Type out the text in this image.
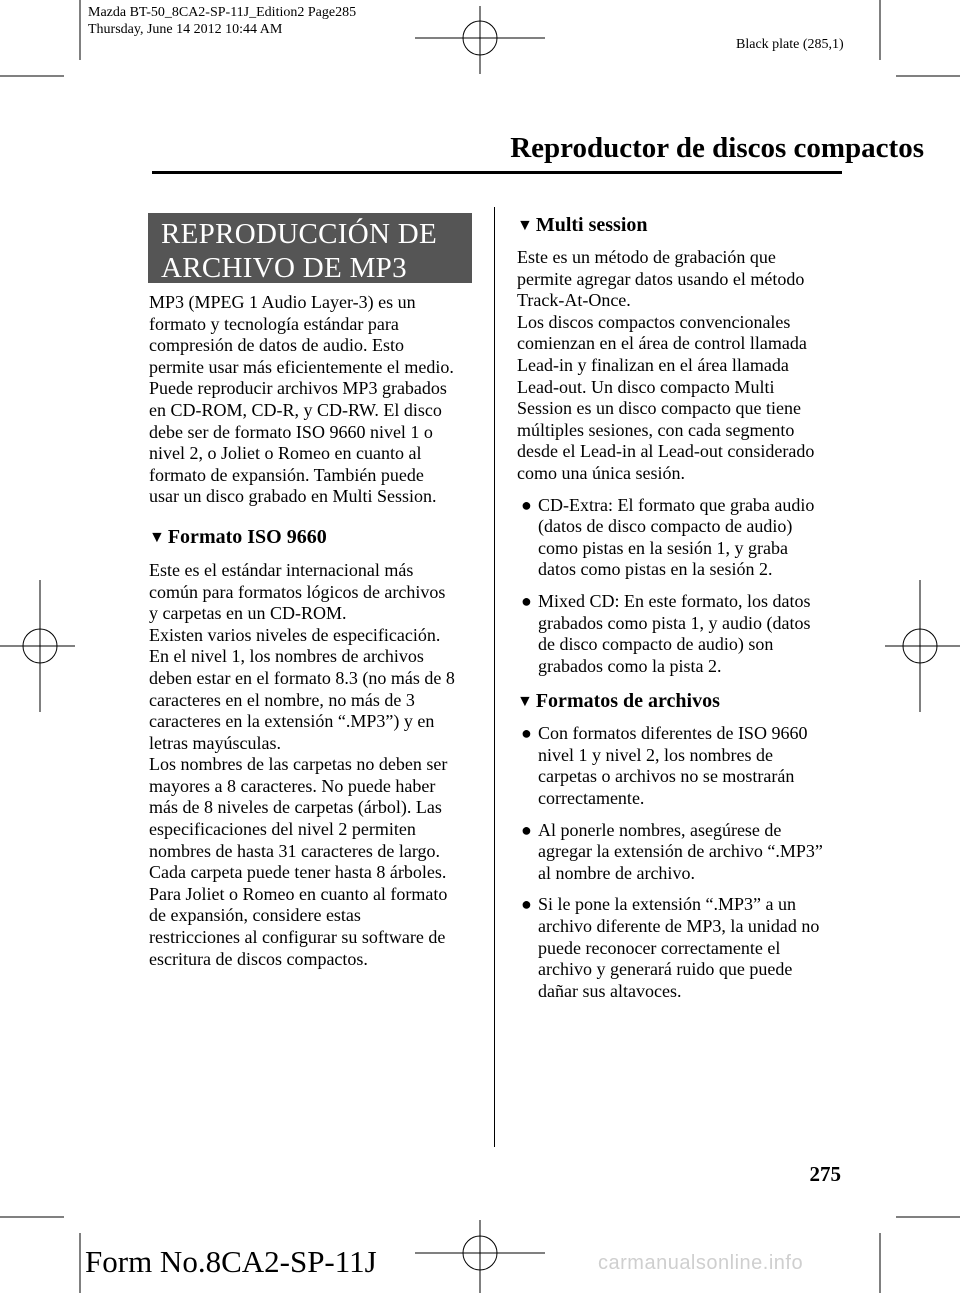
Mazda BT-50_8CA2-SP-11J_Edition2 Page285
Thursday, June 14 2012 10:44 AM
Black plate (285,1)
Reproductor de discos compactos
REPRODUCCIÓN DE
ARCHIVO DE MP3

MP3 (MPEG 1 Audio Layer-3) es un
formato y tecnología estándar para
compresión de datos de audio. Esto
permite usar más eficientemente el medio.
Puede reproducir archivos MP3 grabados
en CD-ROM, CD-R, y CD-RW. El disco
debe ser de formato ISO 9660 nivel 1 o
nivel 2, o Joliet o Romeo en cuanto al
formato de expansión. También puede
usar un disco grabado en Multi Session.

▼ Formato ISO 9660

Este es el estándar internacional más
común para formatos lógicos de archivos
y carpetas en un CD-ROM.
Existen varios niveles de especificación.
En el nivel 1, los nombres de archivos
deben estar en el formato 8.3 (no más de 8
caracteres en el nombre, no más de 3
caracteres en la extensión “.MP3”) y en
letras mayúsculas.
Los nombres de las carpetas no deben ser
mayores a 8 caracteres. No puede haber
más de 8 niveles de carpetas (árbol). Las
especificaciones del nivel 2 permiten
nombres de hasta 31 caracteres de largo.
Cada carpeta puede tener hasta 8 árboles.
Para Joliet o Romeo en cuanto al formato
de expansión, considere estas
restricciones al configurar su software de
escritura de discos compactos.

▼ Multi session

Este es un método de grabación que
permite agregar datos usando el método
Track-At-Once.
Los discos compactos convencionales
comienzan en el área de control llamada
Lead-in y finalizan en el área llamada
Lead-out. Un disco compacto Multi
Session es un disco compacto que tiene
múltiples sesiones, con cada segmento
desde el Lead-in al Lead-out considerado
como una única sesión.

● CD-Extra: El formato que graba audio
(datos de disco compacto de audio)
como pistas en la sesión 1, y graba
datos como pistas en la sesión 2.
● Mixed CD: En este formato, los datos
grabados como pista 1, y audio (datos
de disco compacto de audio) son
grabados como la pista 2.
▼ Formatos de archivos
● Con formatos diferentes de ISO 9660
nivel 1 y nivel 2, los nombres de
carpetas o archivos no se mostrarán
correctamente.
● Al ponerle nombres, asegúrese de
agregar la extensión de archivo “.MP3”
al nombre de archivo.
● Si le pone la extensión “.MP3” a un
archivo diferente de MP3, la unidad no
puede reconocer correctamente el
archivo y generará ruido que puede
dañar sus altavoces.
275
Form No.8CA2-SP-11J	carmanualsonline.info
